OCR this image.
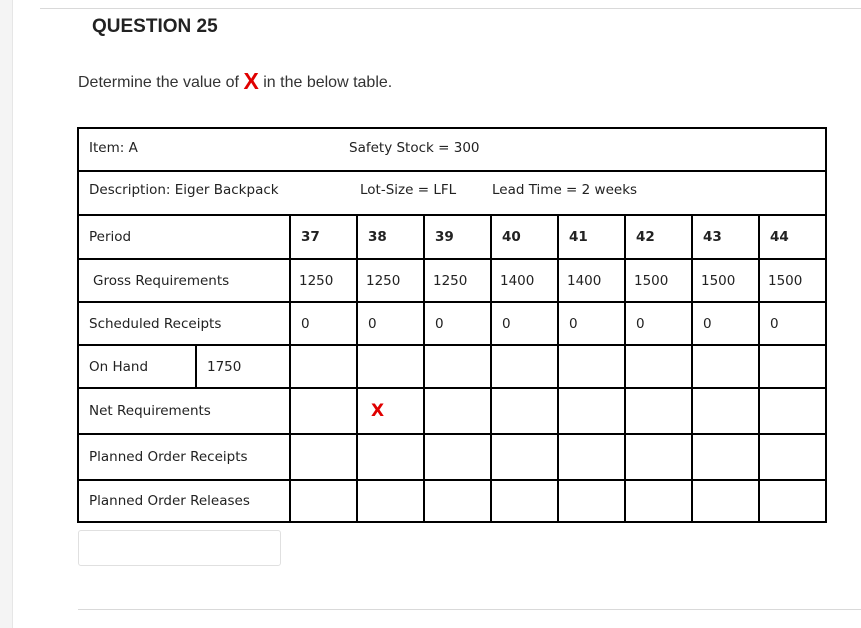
QUESTION 25
Determine the value of X in the below table.
Item: A Safety Stock = 300								

Description: Eiger Backpack Lot-Size = LFL Lead Time = 2 weeks								

Period	37	38	39	40	41	42	43	44
Gross Requirements	1250	1250	1250	1400	1400	1500	1500	1500
Scheduled Receipts	0	0	0	0	0	0	0	0

On Hand 1750								

Net Requirements		X						
Planned Order Receipts								
Planned Order Releases								
